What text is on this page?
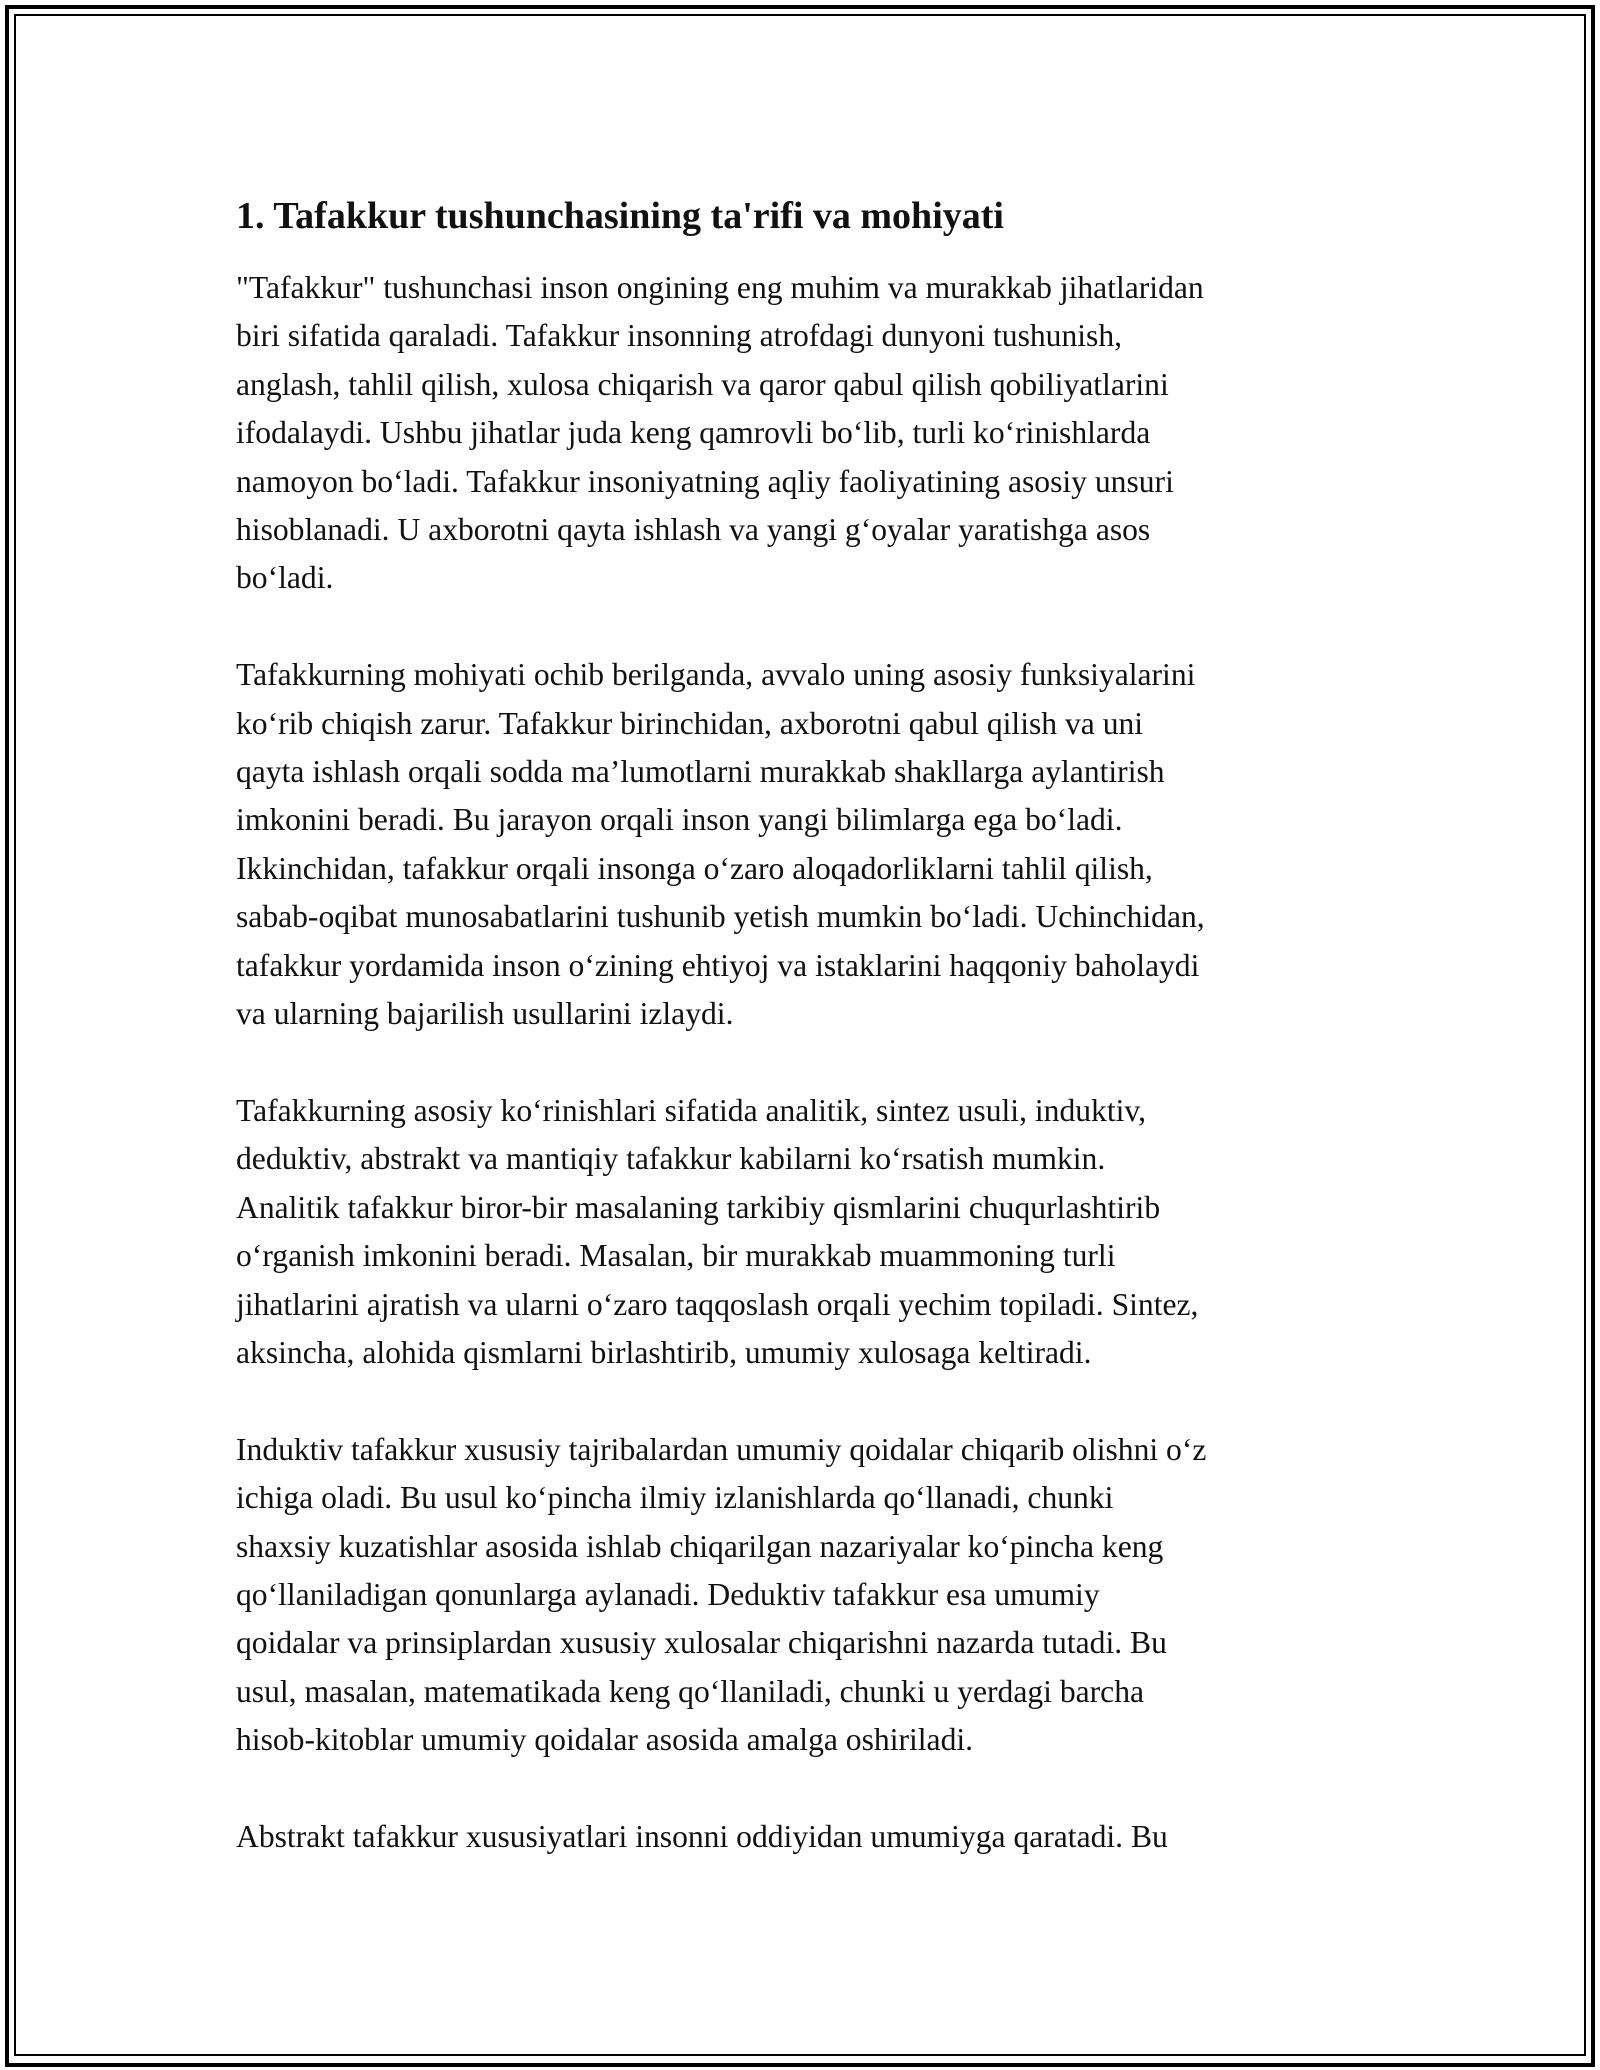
1. Tafakkur tushunchasining ta'rifi va mohiyati

"Tafakkur" tushunchasi inson ongining eng muhim va murakkab jihatlaridan
biri sifatida qaraladi. Tafakkur insonning atrofdagi dunyoni tushunish,
anglash, tahlil qilish, xulosa chiqarish va qaror qabul qilish qobiliyatlarini
ifodalaydi. Ushbu jihatlar juda keng qamrovli bo‘lib, turli ko‘rinishlarda
namoyon bo‘ladi. Tafakkur insoniyatning aqliy faoliyatining asosiy unsuri
hisoblanadi. U axborotni qayta ishlash va yangi g‘oyalar yaratishga asos
bo‘ladi.

Tafakkurning mohiyati ochib berilganda, avvalo uning asosiy funksiyalarini
ko‘rib chiqish zarur. Tafakkur birinchidan, axborotni qabul qilish va uni
qayta ishlash orqali sodda ma’lumotlarni murakkab shakllarga aylantirish
imkonini beradi. Bu jarayon orqali inson yangi bilimlarga ega bo‘ladi.
Ikkinchidan, tafakkur orqali insonga o‘zaro aloqadorliklarni tahlil qilish,
sabab-oqibat munosabatlarini tushunib yetish mumkin bo‘ladi. Uchinchidan,
tafakkur yordamida inson o‘zining ehtiyoj va istaklarini haqqoniy baholaydi
va ularning bajarilish usullarini izlaydi.

Tafakkurning asosiy ko‘rinishlari sifatida analitik, sintez usuli, induktiv,
deduktiv, abstrakt va mantiqiy tafakkur kabilarni ko‘rsatish mumkin.
Analitik tafakkur biror-bir masalaning tarkibiy qismlarini chuqurlashtirib
o‘rganish imkonini beradi. Masalan, bir murakkab muammoning turli
jihatlarini ajratish va ularni o‘zaro taqqoslash orqali yechim topiladi. Sintez,
aksincha, alohida qismlarni birlashtirib, umumiy xulosaga keltiradi.

Induktiv tafakkur xususiy tajribalardan umumiy qoidalar chiqarib olishni o‘z
ichiga oladi. Bu usul ko‘pincha ilmiy izlanishlarda qo‘llanadi, chunki
shaxsiy kuzatishlar asosida ishlab chiqarilgan nazariyalar ko‘pincha keng
qo‘llaniladigan qonunlarga aylanadi. Deduktiv tafakkur esa umumiy
qoidalar va prinsiplardan xususiy xulosalar chiqarishni nazarda tutadi. Bu
usul, masalan, matematikada keng qo‘llaniladi, chunki u yerdagi barcha
hisob-kitoblar umumiy qoidalar asosida amalga oshiriladi.

Abstrakt tafakkur xususiyatlari insonni oddiyidan umumiyga qaratadi. Bu
